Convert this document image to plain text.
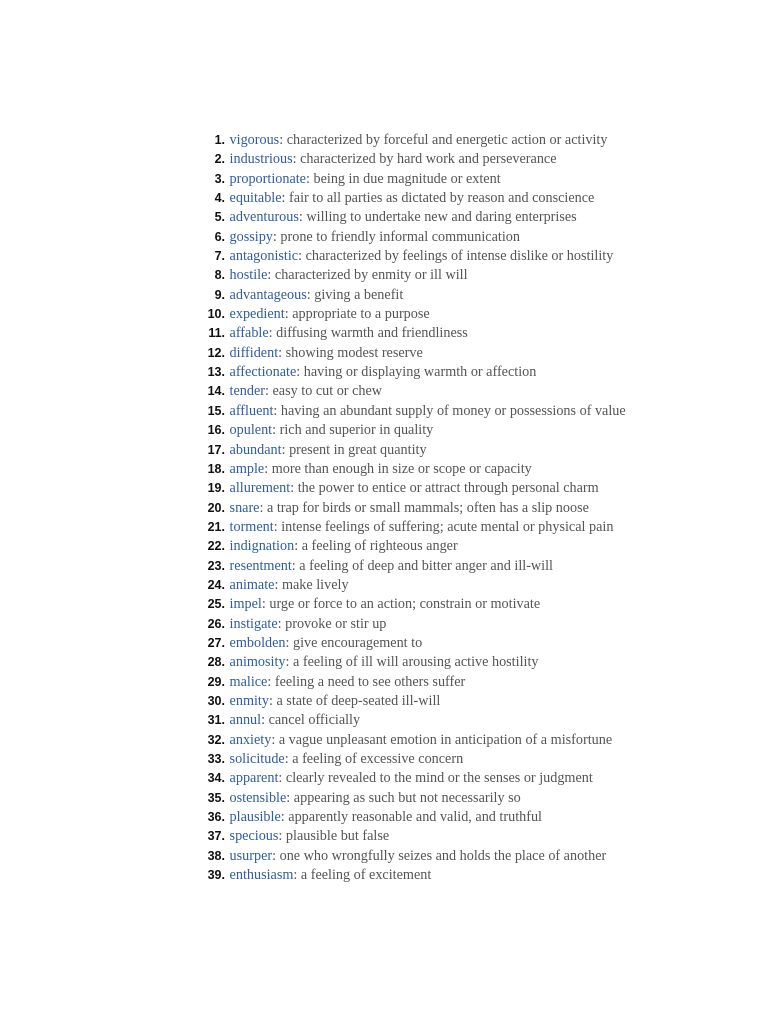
1.
vigorous: characterized by forceful and energetic action or activity
2.
industrious: characterized by hard work and perseverance
3.
proportionate: being in due magnitude or extent
4.
equitable: fair to all parties as dictated by reason and conscience
5.
adventurous: willing to undertake new and daring enterprises
6.
gossipy: prone to friendly informal communication
7.
antagonistic: characterized by feelings of intense dislike or hostility
8.
hostile: characterized by enmity or ill will
9.
advantageous: giving a benefit
10.
expedient: appropriate to a purpose
11.
affable: diffusing warmth and friendliness
12.
diffident: showing modest reserve
13.
affectionate: having or displaying warmth or affection
14.
tender: easy to cut or chew
15.
affluent: having an abundant supply of money or possessions of value
16.
opulent: rich and superior in quality
17.
abundant: present in great quantity
18.
ample: more than enough in size or scope or capacity
19.
allurement: the power to entice or attract through personal charm
20.
snare: a trap for birds or small mammals; often has a slip noose
21.
torment: intense feelings of suffering; acute mental or physical pain
22.
indignation: a feeling of righteous anger
23.
resentment: a feeling of deep and bitter anger and ill-will
24.
animate: make lively
25.
impel: urge or force to an action; constrain or motivate
26.
instigate: provoke or stir up
27.
embolden: give encouragement to
28.
animosity: a feeling of ill will arousing active hostility
29.
malice: feeling a need to see others suffer
30.
enmity: a state of deep-seated ill-will
31.
annul: cancel officially
32.
anxiety: a vague unpleasant emotion in anticipation of a misfortune
33.
solicitude: a feeling of excessive concern
34.
apparent: clearly revealed to the mind or the senses or judgment
35.
ostensible: appearing as such but not necessarily so
36.
plausible: apparently reasonable and valid, and truthful
37.
specious: plausible but false
38.
usurper: one who wrongfully seizes and holds the place of another
39.
enthusiasm: a feeling of excitement
